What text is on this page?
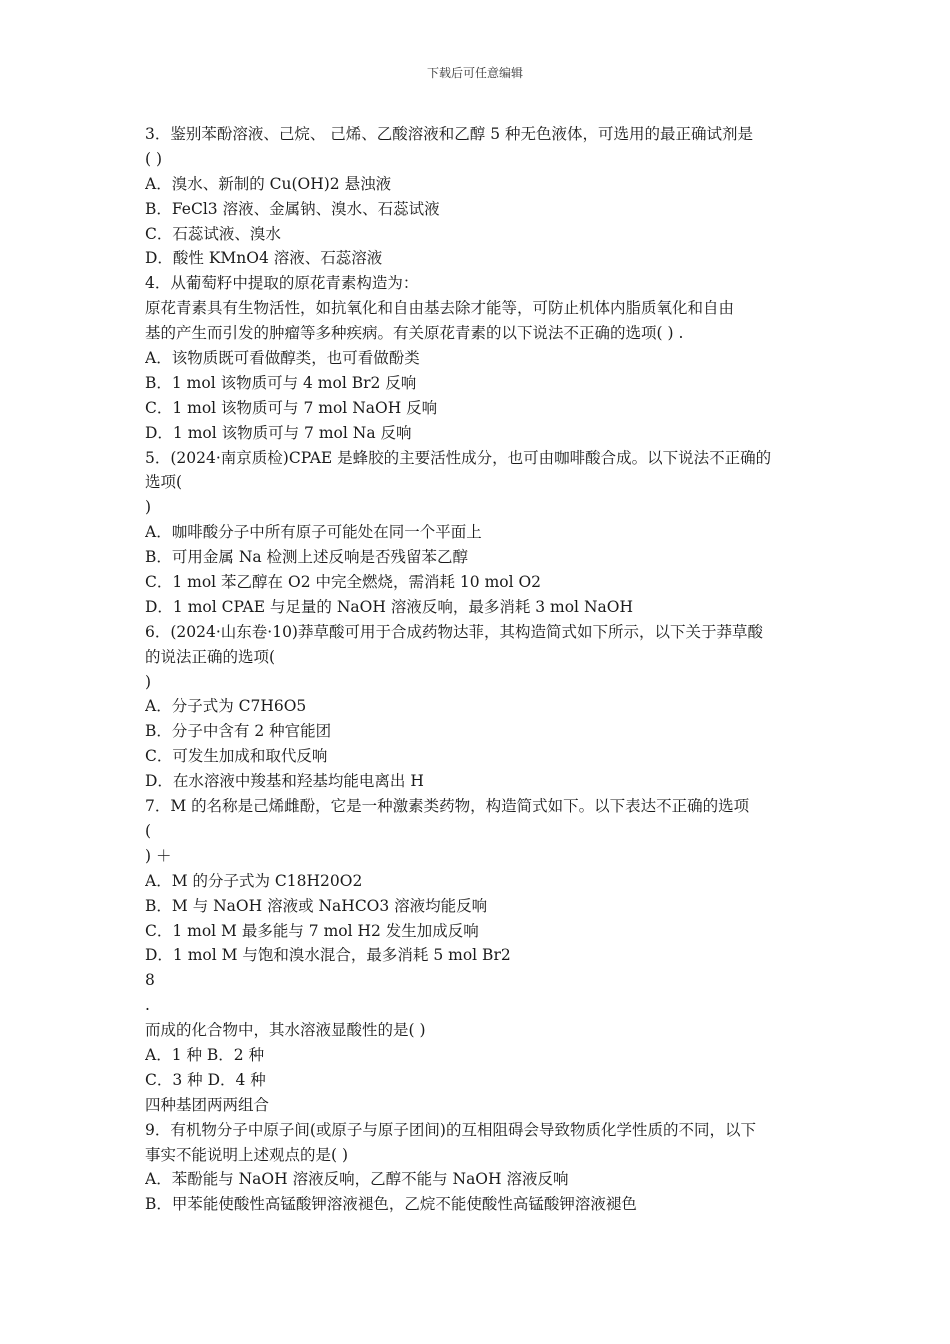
下载后可任意编辑
3．鉴别苯酚溶液、己烷、 己烯、乙酸溶液和乙醇 5 种无色液体，可选用的最正确试剂是
( )
A．溴水、新制的 Cu(OH)2 悬浊液
B．FeCl3 溶液、金属钠、溴水、石蕊试液
C．石蕊试液、溴水
D．酸性 KMnO4 溶液、石蕊溶液
4．从葡萄籽中提取的原花青素构造为：
原花青素具有生物活性，如抗氧化和自由基去除才能等，可防止机体内脂质氧化和自由
基的产生而引发的肿瘤等多种疾病。有关原花青素的以下说法不正确的选项( ) .
A．该物质既可看做醇类，也可看做酚类
B．1 mol 该物质可与 4 mol Br2 反响
C．1 mol 该物质可与 7 mol NaOH 反响
D．1 mol 该物质可与 7 mol Na 反响
5．(2024·南京质检)CPAE 是蜂胶的主要活性成分，也可由咖啡酸合成。以下说法不正确的
选项(
)
A．咖啡酸分子中所有原子可能处在同一个平面上
B．可用金属 Na 检测上述反响是否残留苯乙醇
C．1 mol 苯乙醇在 O2 中完全燃烧，需消耗 10 mol O2
D．1 mol CPAE 与足量的 NaOH 溶液反响，最多消耗 3 mol NaOH
6．(2024·山东卷·10)莽草酸可用于合成药物达菲，其构造简式如下所示，以下关于莽草酸
的说法正确的选项(
)
A．分子式为 C7H6O5
B．分子中含有 2 种官能团
C．可发生加成和取代反响
D．在水溶液中羧基和羟基均能电离出 H
7．M 的名称是己烯雌酚，它是一种激素类药物，构造简式如下。以下表达不正确的选项
(
) ＋
A．M 的分子式为 C18H20O2
B．M 与 NaOH 溶液或 NaHCO3 溶液均能反响
C．1 mol M 最多能与 7 mol H2 发生加成反响
D．1 mol M 与饱和溴水混合，最多消耗 5 mol Br2
8
.
而成的化合物中，其水溶液显酸性的是( )
A．1 种 B．2 种
C．3 种 D．4 种
四种基团两两组合
9．有机物分子中原子间(或原子与原子团间)的互相阻碍会导致物质化学性质的不同，以下
事实不能说明上述观点的是( )
A．苯酚能与 NaOH 溶液反响，乙醇不能与 NaOH 溶液反响
B．甲苯能使酸性高锰酸钾溶液褪色，乙烷不能使酸性高锰酸钾溶液褪色
